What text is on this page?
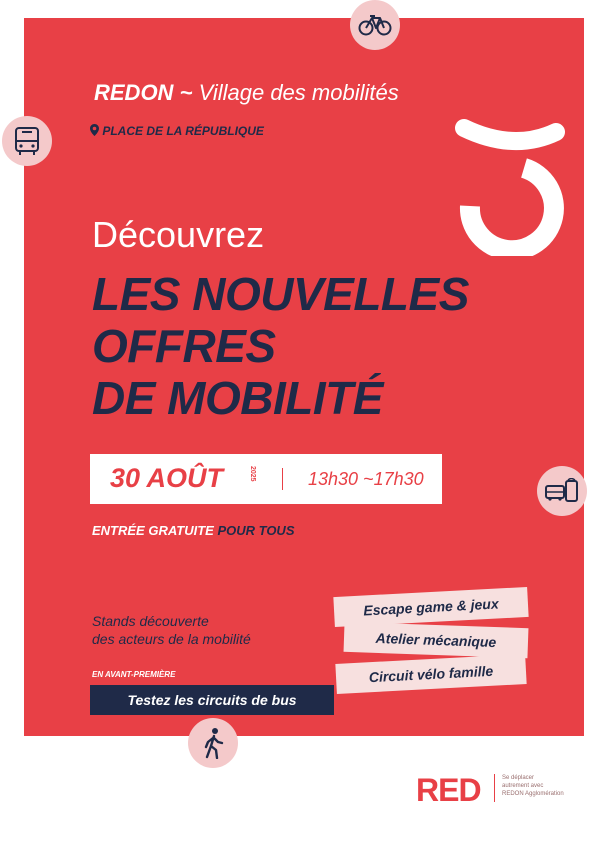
REDON ~ Village des mobilités
PLACE DE LA RÉPUBLIQUE
Découvrez
LES NOUVELLES
OFFRES
DE MOBILITÉ
30 AOÛT	2025	13h30 ~17h30
ENTRÉE GRATUITE POUR TOUS
Stands découverte
des acteurs de la mobilité
EN AVANT-PREMIÈRE
Testez les circuits de bus
Escape game & jeux
Atelier mécanique
Circuit vélo famille
RED	Se déplacer
autrement avec
REDON Agglomération
